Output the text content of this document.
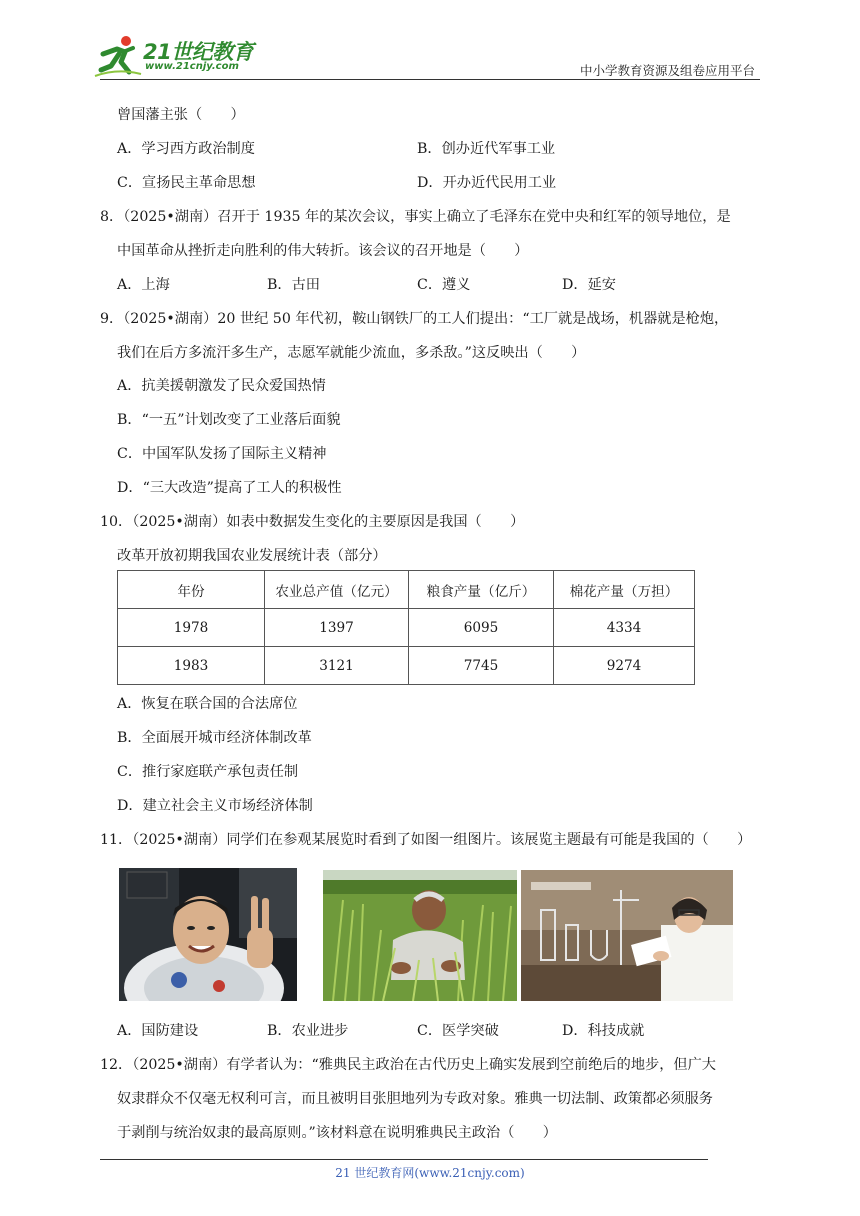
21世纪教育
www.21cnjy.com	中小学教育资源及组卷应用平台
曾国藩主张（　　）
A．学习西方政治制度	B．创办近代军事工业
C．宣扬民主革命思想	D．开办近代民用工业
8．（2025•湖南）召开于 1935 年的某次会议，事实上确立了毛泽东在党中央和红军的领导地位，是
中国革命从挫折走向胜利的伟大转折。该会议的召开地是（　　）
A．上海	B．古田	C．遵义	D．延安
9．（2025•湖南）20 世纪 50 年代初，鞍山钢铁厂的工人们提出：“工厂就是战场，机器就是枪炮，
我们在后方多流汗多生产，志愿军就能少流血，多杀敌。”这反映出（　　）
A．抗美援朝激发了民众爱国热情
B．“一五”计划改变了工业落后面貌
C．中国军队发扬了国际主义精神
D．“三大改造”提高了工人的积极性
10．（2025•湖南）如表中数据发生变化的主要原因是我国（　　）
改革开放初期我国农业发展统计表（部分）
年份	农业总产值（亿元）	粮食产量（亿斤）	棉花产量（万担）
1978	1397	6095	4334
1983	3121	7745	9274
A．恢复在联合国的合法席位
B．全面展开城市经济体制改革
C．推行家庭联产承包责任制
D．建立社会主义市场经济体制
11．（2025•湖南）同学们在参观某展览时看到了如图一组图片。该展览主题最有可能是我国的（　　）
A．国防建设	B．农业进步	C．医学突破	D．科技成就
12．（2025•湖南）有学者认为：“雅典民主政治在古代历史上确实发展到空前绝后的地步，但广大
奴隶群众不仅毫无权利可言，而且被明目张胆地列为专政对象。雅典一切法制、政策都必须服务
于剥削与统治奴隶的最高原则。”该材料意在说明雅典民主政治（　　）
21 世纪教育网(www.21cnjy.com)
